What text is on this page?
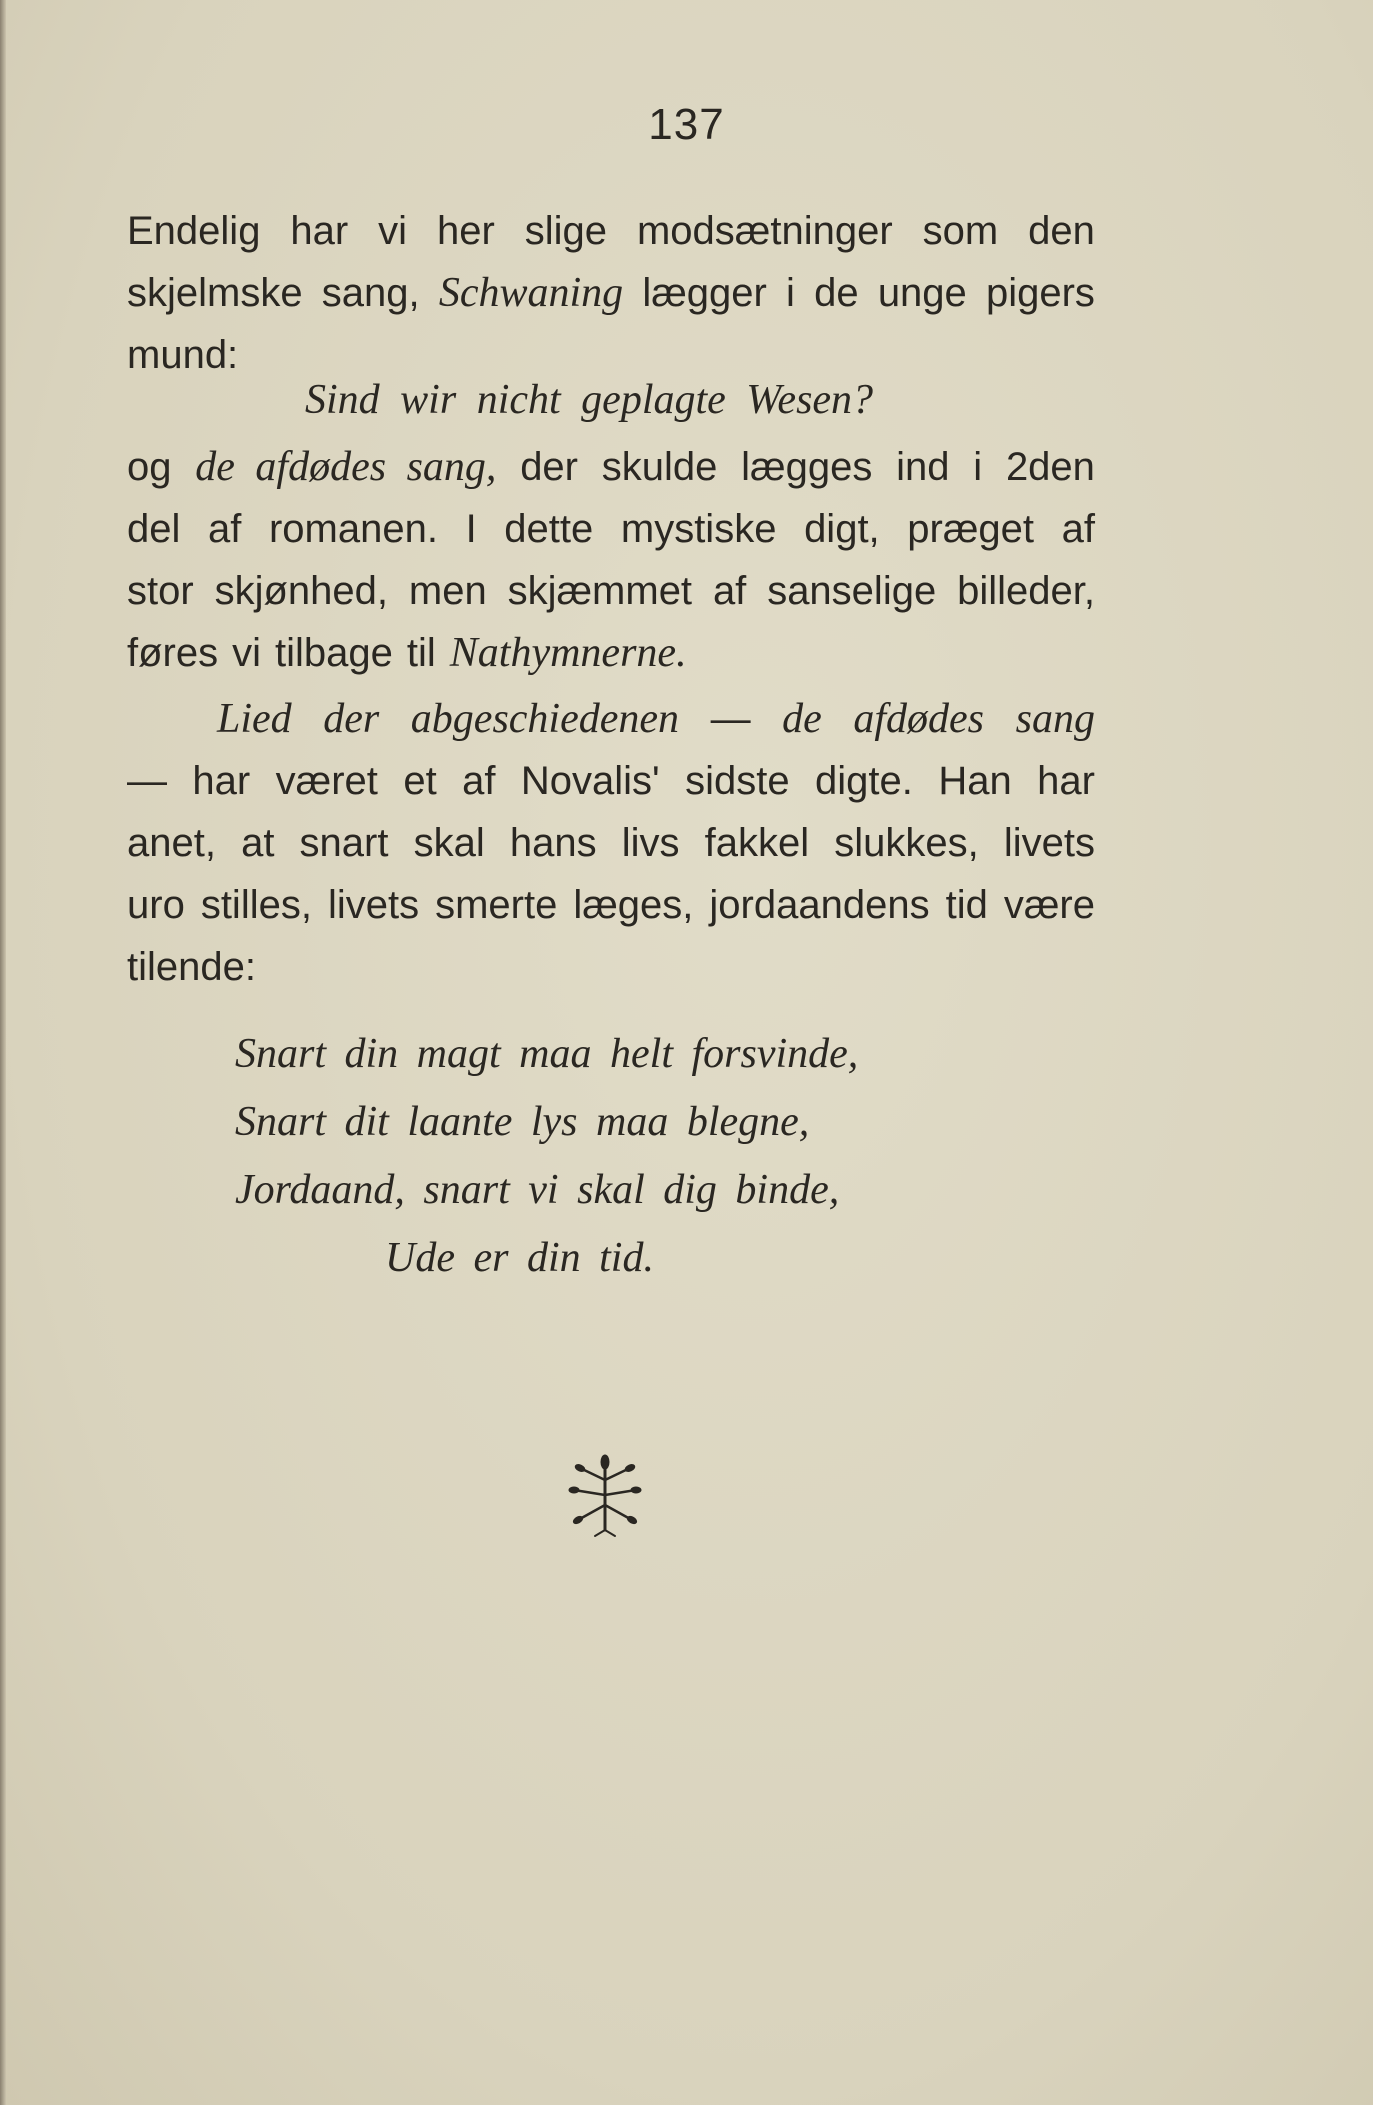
137
Endelig har vi her slige modsætninger som den
skjelmske sang, Schwaning lægger i de unge pigers
mund:
Sind wir nicht geplagte Wesen?
og de afdødes sang, der skulde lægges ind i 2den
del af romanen. I dette mystiske digt, præget af
stor skjønhed, men skjæmmet af sanselige billeder,
føres vi tilbage til Nathymnerne.
Lied der abgeschiedenen — de afdødes sang
— har været et af Novalis' sidste digte. Han har
anet, at snart skal hans livs fakkel slukkes, livets
uro stilles, livets smerte læges, jordaandens tid være
tilende:
Snart din magt maa helt forsvinde,
Snart dit laante lys maa blegne,
Jordaand, snart vi skal dig binde,
Ude er din tid.
